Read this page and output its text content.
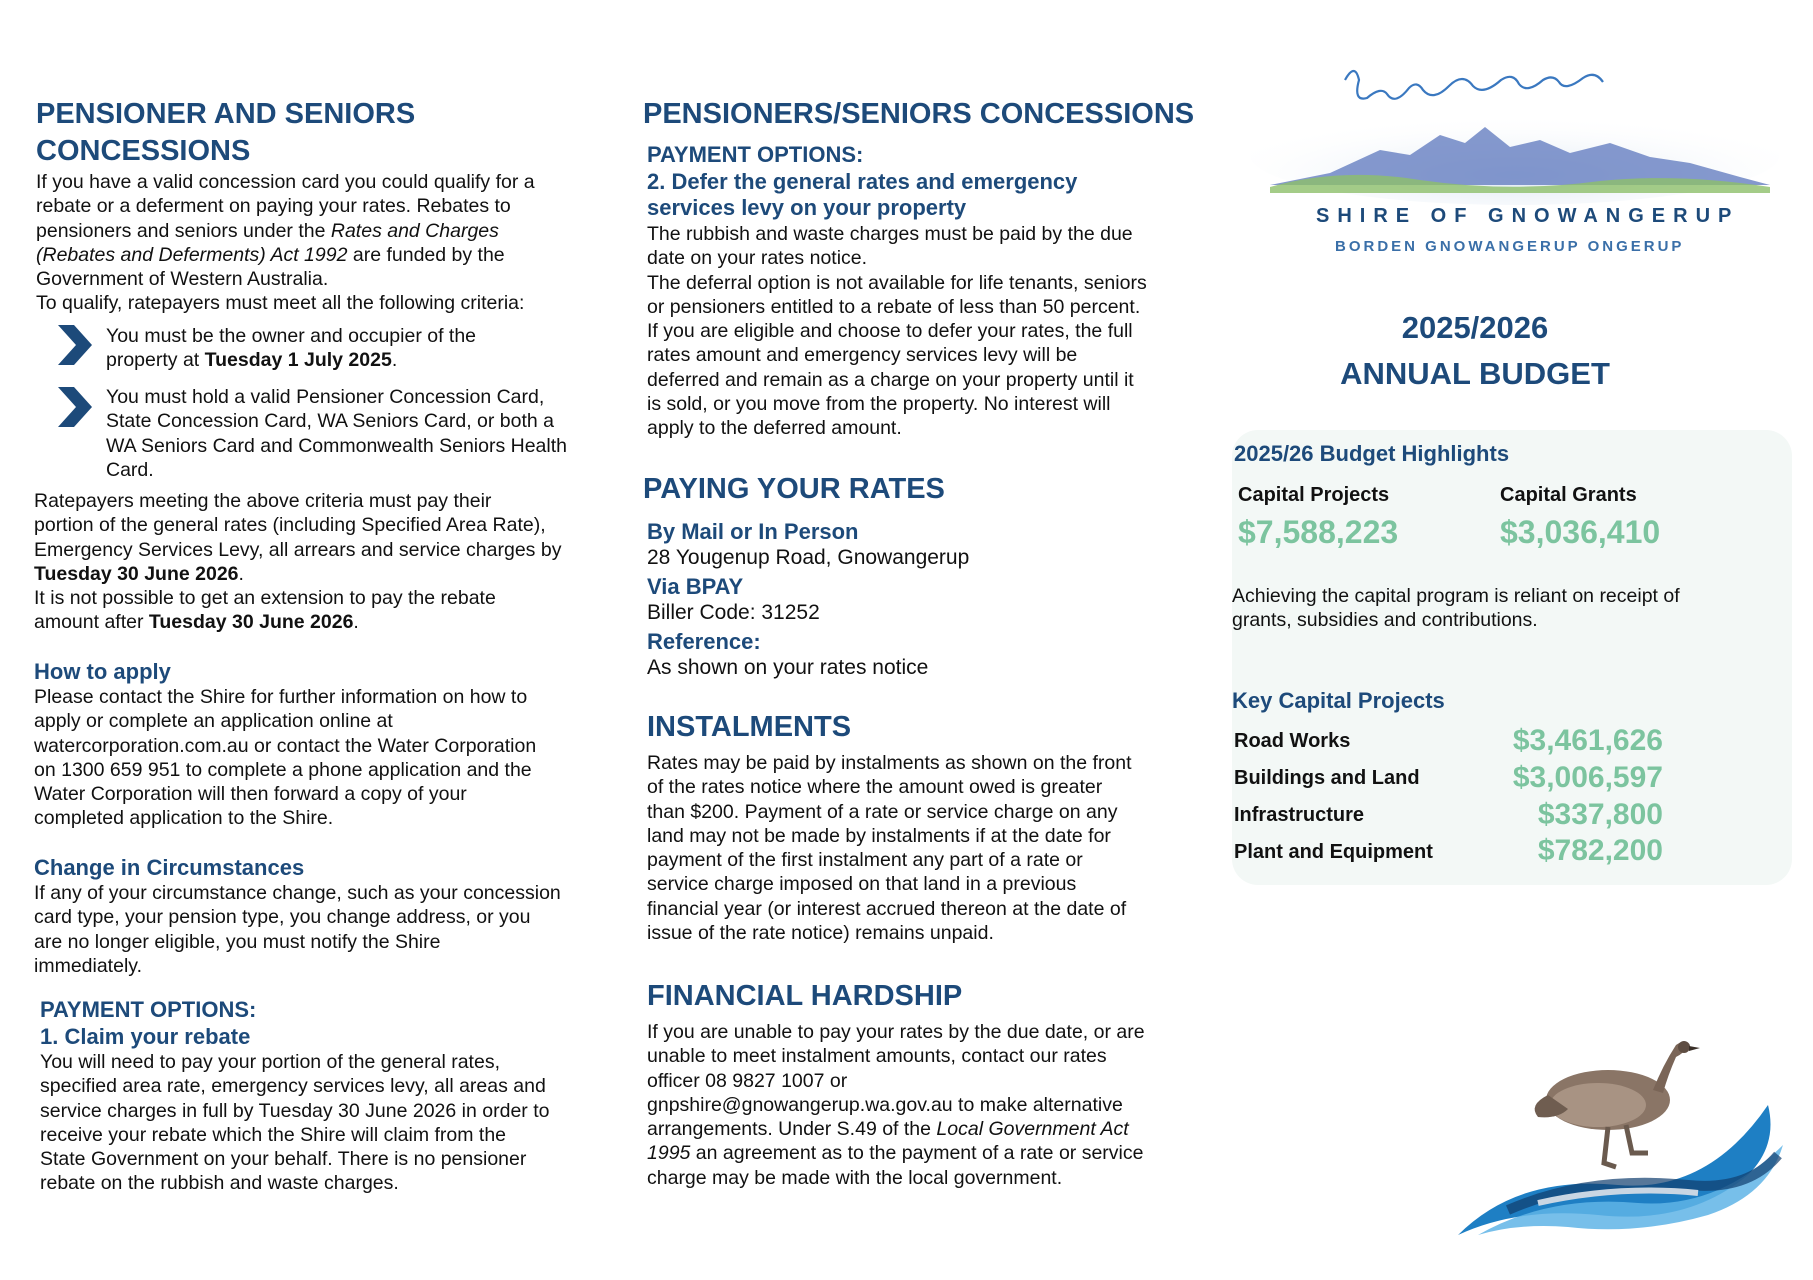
PENSIONER AND SENIORS
CONCESSIONS

If you have a valid concession card you could qualify for a
rebate or a deferment on paying your rates. Rebates to
pensioners and seniors under the Rates and Charges
(Rebates and Deferments) Act 1992 are funded by the
Government of Western Australia.
To qualify, ratepayers must meet all the following criteria:

You must be the owner and occupier of the
property at Tuesday 1 July 2025.

You must hold a valid Pensioner Concession Card,
State Concession Card, WA Seniors Card, or both a
WA Seniors Card and Commonwealth Seniors Health
Card.

Ratepayers meeting the above criteria must pay their
portion of the general rates (including Specified Area Rate),
Emergency Services Levy, all arrears and service charges by
Tuesday 30 June 2026.
It is not possible to get an extension to pay the rebate
amount after Tuesday 30 June 2026.

How to apply

Please contact the Shire for further information on how to
apply or complete an application online at
watercorporation.com.au or contact the Water Corporation
on 1300 659 951 to complete a phone application and the
Water Corporation will then forward a copy of your
completed application to the Shire.

Change in Circumstances

If any of your circumstance change, such as your concession
card type, your pension type, you change address, or you
are no longer eligible, you must notify the Shire
immediately.

PAYMENT OPTIONS:
1. Claim your rebate

You will need to pay your portion of the general rates,
specified area rate, emergency services levy, all areas and
service charges in full by Tuesday 30 June 2026 in order to
receive your rebate which the Shire will claim from the
State Government on your behalf. There is no pensioner
rebate on the rubbish and waste charges.

PENSIONERS/SENIORS CONCESSIONS
PAYMENT OPTIONS:
2. Defer the general rates and emergency
services levy on your property

The rubbish and waste charges must be paid by the due
date on your rates notice.
The deferral option is not available for life tenants, seniors
or pensioners entitled to a rebate of less than 50 percent.
If you are eligible and choose to defer your rates, the full
rates amount and emergency services levy will be
deferred and remain as a charge on your property until it
is sold, or you move from the property. No interest will
apply to the deferred amount.

PAYING YOUR RATES
By Mail or In Person

28 Yougenup Road, Gnowangerup

Via BPAY

Biller Code: 31252

Reference:

As shown on your rates notice

INSTALMENTS

Rates may be paid by instalments as shown on the front
of the rates notice where the amount owed is greater
than $200. Payment of a rate or service charge on any
land may not be made by instalments if at the date for
payment of the first instalment any part of a rate or
service charge imposed on that land in a previous
financial year (or interest accrued thereon at the date of
issue of the rate notice) remains unpaid.

FINANCIAL HARDSHIP

If you are unable to pay your rates by the due date, or are
unable to meet instalment amounts, contact our rates
officer 08 9827 1007 or
gnpshire@gnowangerup.wa.gov.au to make alternative
arrangements. Under S.49 of the Local Government Act
1995 an agreement as to the payment of a rate or service
charge may be made with the local government.

SHIRE OF GNOWANGERUP
BORDEN GNOWANGERUP ONGERUP
2025/2026
ANNUAL BUDGET
2025/26 Budget Highlights
Capital Projects
$7,588,223
Capital Grants
$3,036,410

Achieving the capital program is reliant on receipt of
grants, subsidies and contributions.

Key Capital Projects
Road Works	$3,461,626
Buildings and Land	$3,006,597
Infrastructure	$337,800
Plant and Equipment	$782,200
